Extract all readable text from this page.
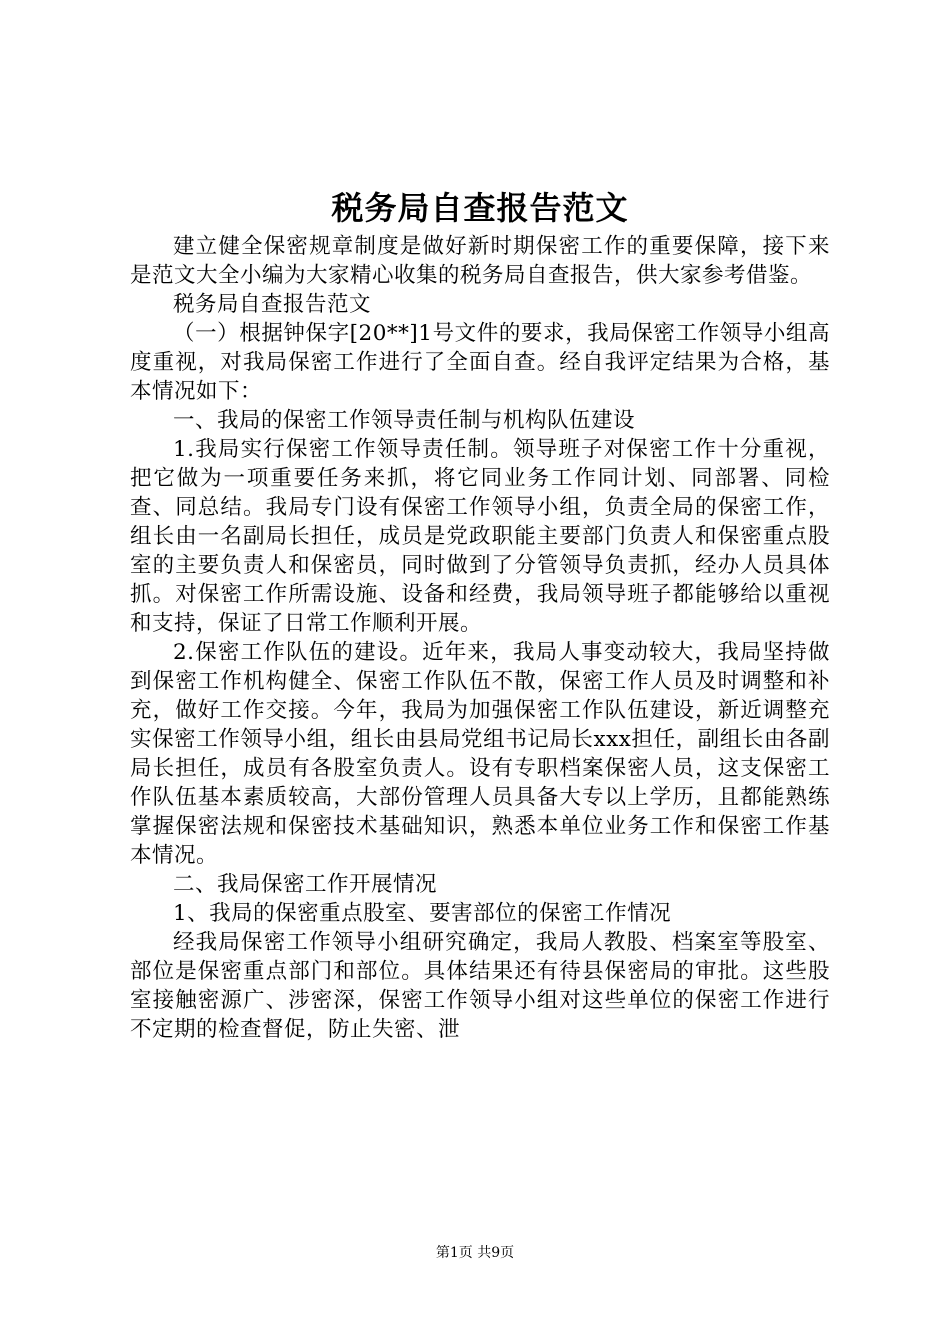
税务局自查报告范文

建立健全保密规章制度是做好新时期保密工作的重要保障，接下来是范文大全小编为大家精心收集的税务局自查报告，供大家参考借鉴。

税务局自查报告范文

（一）根据钟保字[20**]1号文件的要求，我局保密工作领导小组高度重视，对我局保密工作进行了全面自查。经自我评定结果为合格，基本情况如下：

一、我局的保密工作领导责任制与机构队伍建设

1.我局实行保密工作领导责任制。领导班子对保密工作十分重视，把它做为一项重要任务来抓，将它同业务工作同计划、同部署、同检查、同总结。我局专门设有保密工作领导小组，负责全局的保密工作，组长由一名副局长担任，成员是党政职能主要部门负责人和保密重点股室的主要负责人和保密员，同时做到了分管领导负责抓，经办人员具体抓。对保密工作所需设施、设备和经费，我局领导班子都能够给以重视和支持，保证了日常工作顺利开展。

2.保密工作队伍的建设。近年来，我局人事变动较大，我局坚持做到保密工作机构健全、保密工作队伍不散，保密工作人员及时调整和补充，做好工作交接。今年，我局为加强保密工作队伍建设，新近调整充实保密工作领导小组，组长由县局党组书记局长xxx担任，副组长由各副局长担任，成员有各股室负责人。设有专职档案保密人员，这支保密工作队伍基本素质较高，大部份管理人员具备大专以上学历，且都能熟练掌握保密法规和保密技术基础知识，熟悉本单位业务工作和保密工作基本情况。

二、我局保密工作开展情况

1、我局的保密重点股室、要害部位的保密工作情况

经我局保密工作领导小组研究确定，我局人教股、档案室等股室、部位是保密重点部门和部位。具体结果还有待县保密局的审批。这些股室接触密源广、涉密深，保密工作领导小组对这些单位的保密工作进行不定期的检查督促，防止失密、泄

第1页 共9页
